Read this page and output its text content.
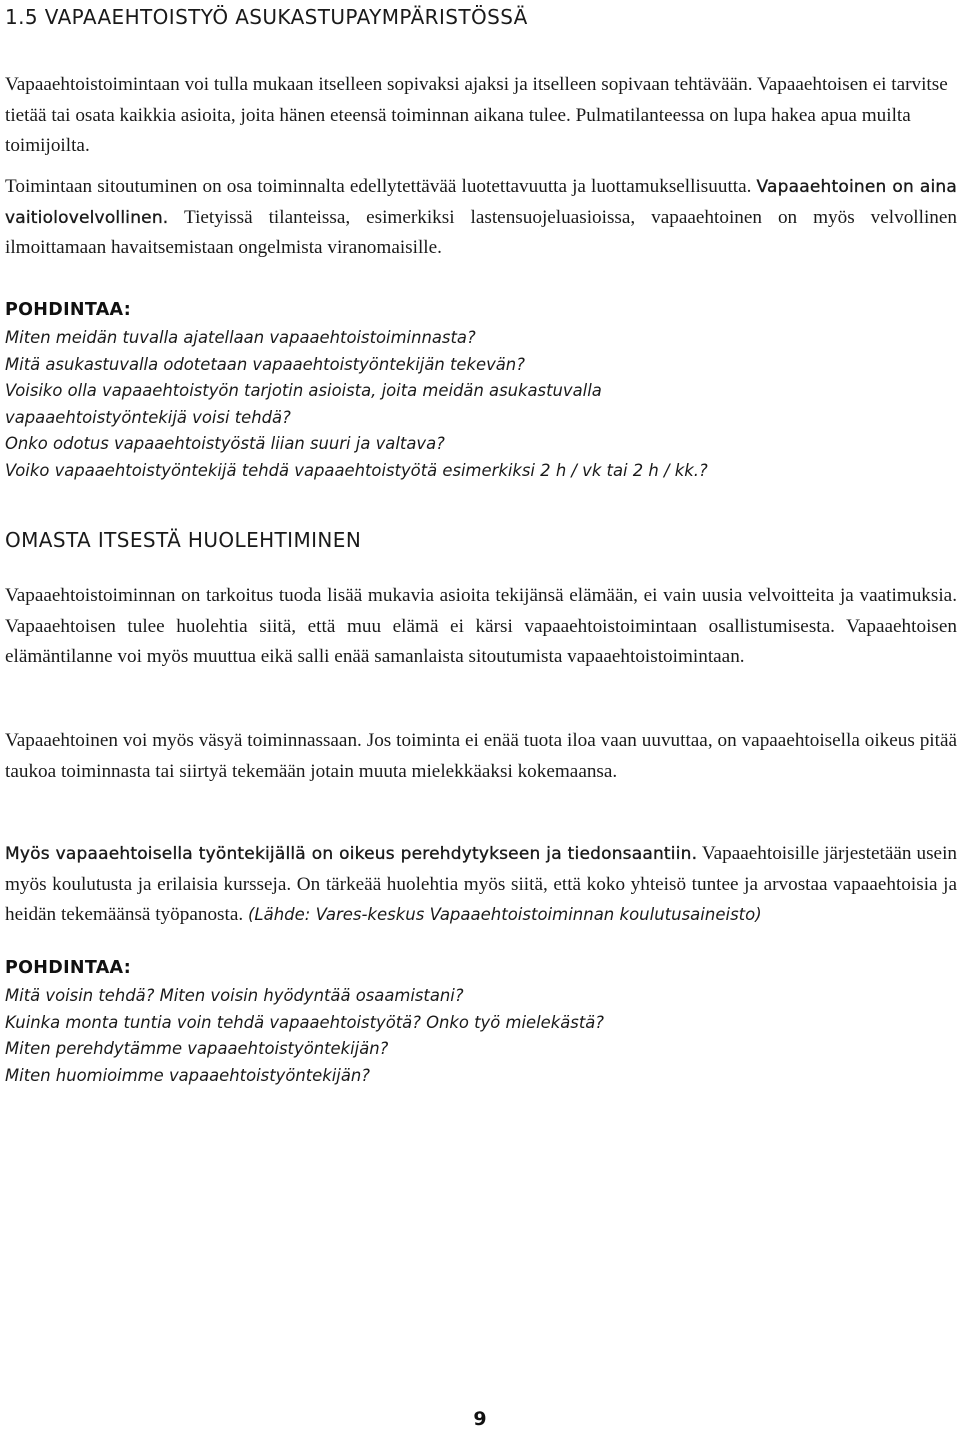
1.5 VAPAAEHTOISTYÖ ASUKASTUPAYMPÄRISTÖSSÄ

Vapaaehtoistoimintaan voi tulla mukaan itselleen sopivaksi ajaksi ja itselleen sopivaan tehtävään. Vapaaehtoisen ei tarvitse tietää tai osata kaikkia asioita, joita hänen eteensä toiminnan aikana tulee. Pulmatilanteessa on lupa hakea apua muilta toimijoilta.

Toimintaan sitoutuminen on osa toiminnalta edellytettävää luotettavuutta ja luottamuksellisuutta. Vapaaehtoinen on aina vaitiolovelvollinen. Tietyissä tilanteissa, esimerkiksi lastensuojeluasioissa, vapaaehtoinen on myös velvollinen ilmoittamaan havaitsemistaan ongelmista viranomaisille.

POHDINTAA:
Miten meidän tuvalla ajatellaan vapaaehtoistoiminnasta?
Mitä asukastuvalla odotetaan vapaaehtoistyöntekijän tekevän?
Voisiko olla vapaaehtoistyön tarjotin asioista, joita meidän asukastuvalla
vapaaehtoistyöntekijä voisi tehdä?
Onko odotus vapaaehtoistyöstä liian suuri ja valtava?
Voiko vapaaehtoistyöntekijä tehdä vapaaehtoistyötä esimerkiksi 2 h / vk tai 2 h / kk.?
OMASTA ITSESTÄ HUOLEHTIMINEN

Vapaaehtoistoiminnan on tarkoitus tuoda lisää mukavia asioita tekijänsä elämään, ei vain uusia velvoitteita ja vaatimuksia. Vapaaehtoisen tulee huolehtia siitä, että muu elämä ei kärsi vapaaehtoistoimintaan osallistumisesta. Vapaaehtoisen elämäntilanne voi myös muuttua eikä salli enää samanlaista sitoutumista vapaaehtoistoimintaan.

Vapaaehtoinen voi myös väsyä toiminnassaan. Jos toiminta ei enää tuota iloa vaan uuvuttaa, on vapaaehtoisella oikeus pitää taukoa toiminnasta tai siirtyä tekemään jotain muuta mielekkäaksi kokemaansa.

Myös vapaaehtoisella työntekijällä on oikeus perehdytykseen ja tiedonsaantiin. Vapaaehtoisille järjestetään usein myös koulutusta ja erilaisia kursseja. On tärkeää huolehtia myös siitä, että koko yhteisö tuntee ja arvostaa vapaaehtoisia ja heidän tekemäänsä työpanosta. (Lähde: Vares-keskus Vapaaehtoistoiminnan koulutusaineisto)

POHDINTAA:
Mitä voisin tehdä? Miten voisin hyödyntää osaamistani?
Kuinka monta tuntia voin tehdä vapaaehtoistyötä? Onko työ mielekästä?
Miten perehdytämme vapaaehtoistyöntekijän?
Miten huomioimme vapaaehtoistyöntekijän?
9
